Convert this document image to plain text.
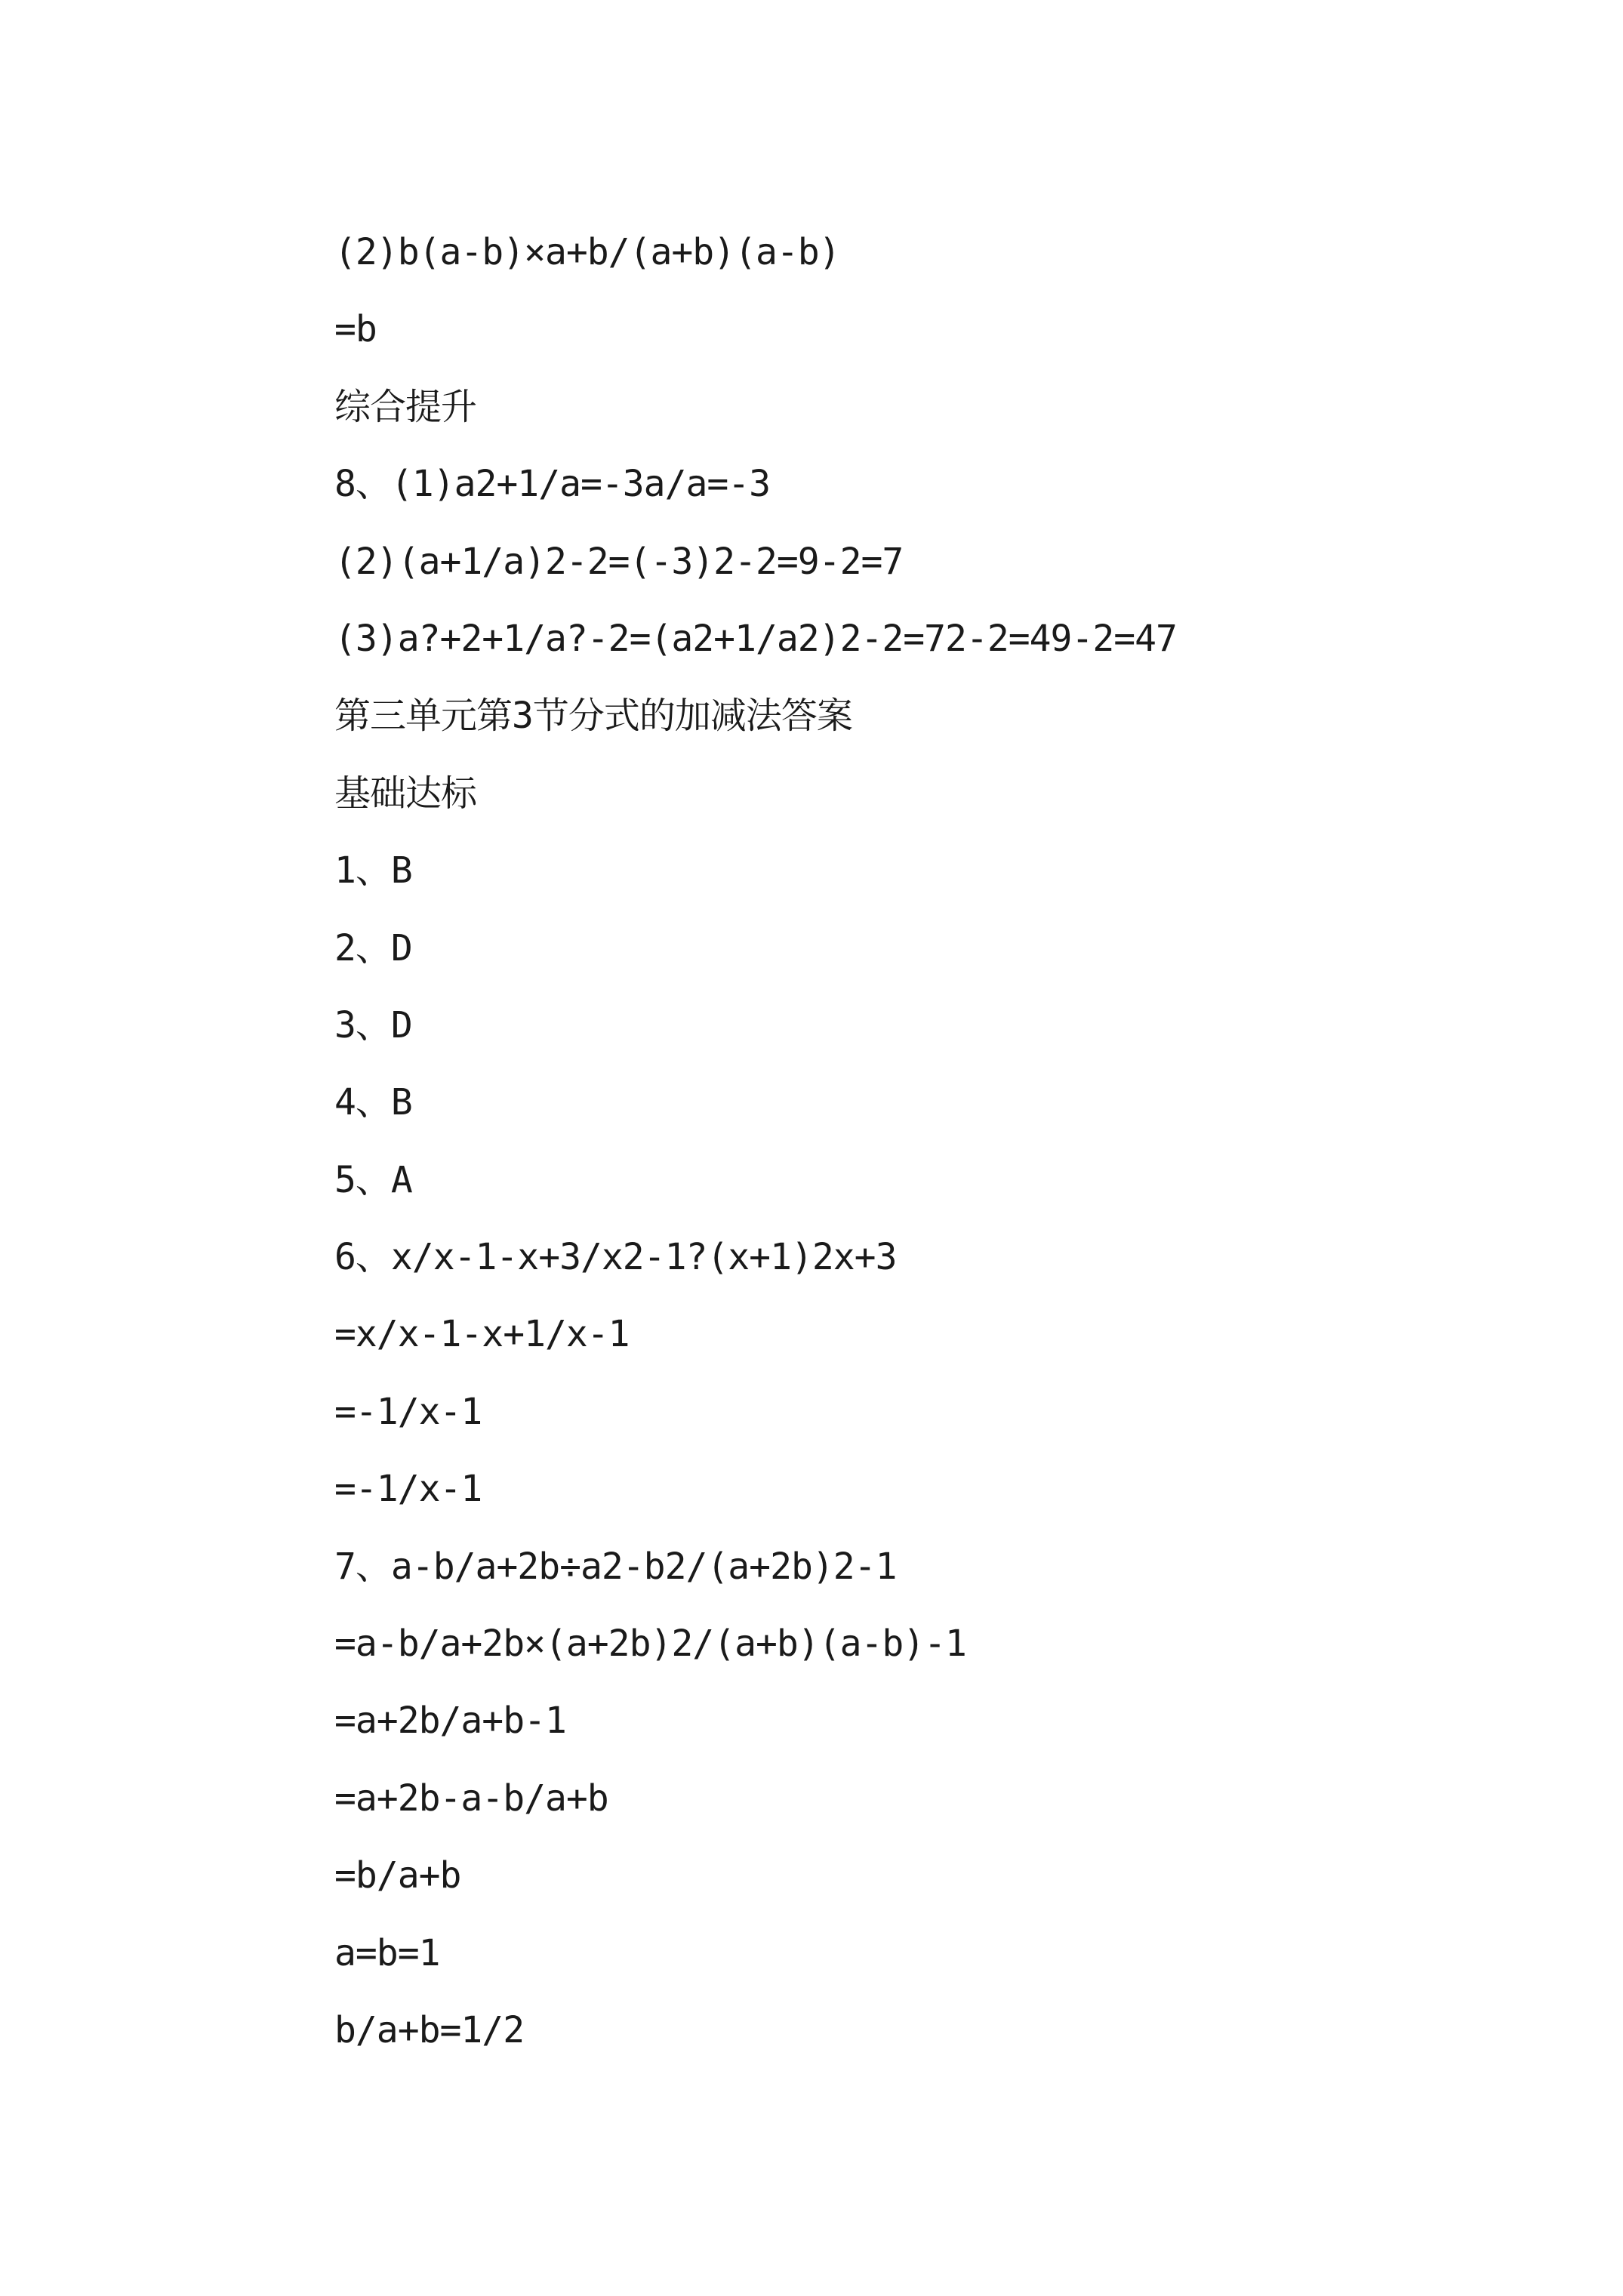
(2)b(a-b)×a+b/(a+b)(a-b)
=b
综合提升
8、(1)a2+1/a=-3a/a=-3
(2)(a+1/a)2-2=(-3)2-2=9-2=7
(3)a?+2+1/a?-2=(a2+1/a2)2-2=72-2=49-2=47
第三单元第3节分式的加减法答案
基础达标
1、B
2、D
3、D
4、B
5、A
6、x/x-1-x+3/x2-1?(x+1)2x+3
=x/x-1-x+1/x-1
=-1/x-1
=-1/x-1
7、a-b/a+2b÷a2-b2/(a+2b)2-1
=a-b/a+2b×(a+2b)2/(a+b)(a-b)-1
=a+2b/a+b-1
=a+2b-a-b/a+b
=b/a+b
a=b=1
b/a+b=1/2
